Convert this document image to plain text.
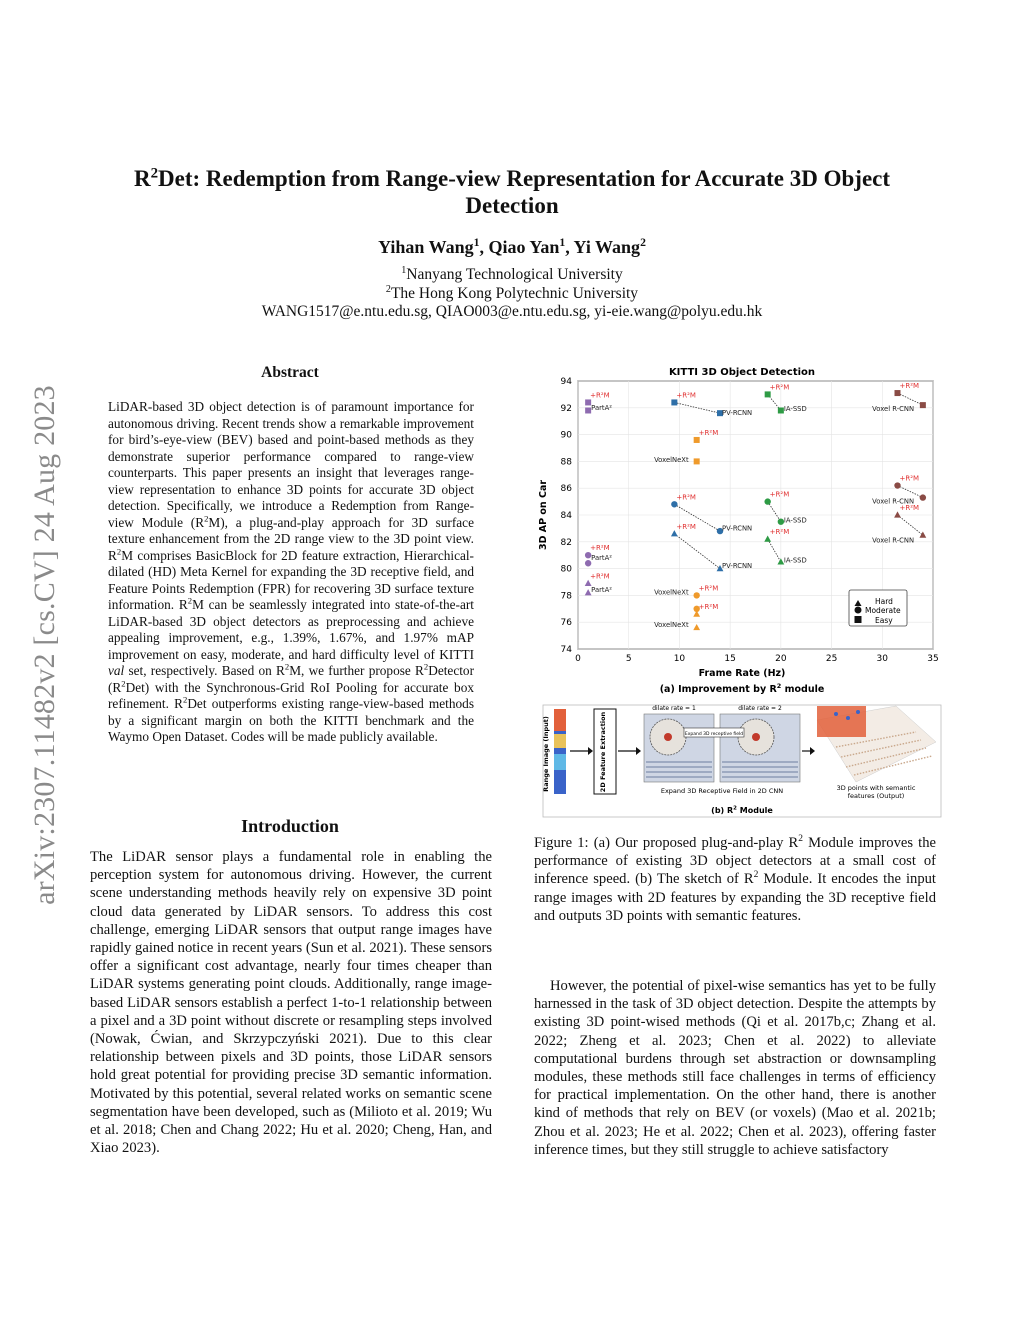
arXiv:2307.11482v2 [cs.CV] 24 Aug 2023
$R^2Det$: Redemption from Range-view Representation for Accurate 3D Object
Detection
Yihan Wang$^1$, Qiao Yan$^1$, Yi Wang$^2$
$^1$Nanyang Technological University
$^2$The Hong Kong Polytechnic University
WANG1517@e.ntu.edu.sg, QIAO003@e.ntu.edu.sg, yi-eie.wang@polyu.edu.hk
Abstract
LiDAR-based 3D object detection is of paramount importance for autonomous driving. Recent trends show a remarkable improvement for bird’s-eye-view (BEV) based and point-based methods as they demonstrate superior performance compared to range-view counterparts. This paper presents an insight that leverages range-view representation to enhance 3D points for accurate 3D object detection. Specifically, we introduce a Redemption from Range-view Module $(R^2M)$, a plug-and-play approach for 3D surface texture enhancement from the 2D range view to the 3D point view. $R^2M$ comprises BasicBlock for 2D feature extraction, Hierarchical-dilated (HD) Meta Kernel for expanding the 3D receptive field, and Feature Points Redemption (FPR) for recovering 3D surface texture information. $R^2M$ can be seamlessly integrated into state-of-the-art LiDAR-based 3D object detectors as preprocessing and achieve appealing improvement, e.g., 1.39%, 1.67%, and 1.97% mAP improvement on easy, moderate, and hard difficulty level of KITTI val set, respectively. Based on $R^2M$, we further propose $R^2Detector$ $(R^2Det)$ with the Synchronous-Grid RoI Pooling for accurate box refinement. $R^2Det$ outperforms existing range-view-based methods by a significant margin on both the KITTI benchmark and the Waymo Open Dataset. Codes will be made publicly available.
Introduction
The LiDAR sensor plays a fundamental role in enabling the perception system for autonomous driving. However, the current scene understanding methods heavily rely on expensive 3D point cloud data generated by LiDAR sensors. To address this cost challenge, emerging LiDAR sensors that output range images have rapidly gained notice in recent years (Sun et al. 2021). These sensors offer a significant cost advantage, nearly four times cheaper than LiDAR systems generating point clouds. Additionally, range image-based LiDAR sensors establish a perfect 1-to-1 relationship between a pixel and a 3D point without discrete or resampling steps involved (Nowak, Ćwian, and Skrzypczyński 2021). Due to this clear relationship between pixels and 3D points, those LiDAR sensors hold great potential for providing precise 3D semantic information. Motivated by this potential, several related works on semantic scene segmentation have been developed, such as (Milioto et al. 2019; Wu et al. 2018; Chen and Chang 2022; Hu et al. 2020; Cheng, Han, and Xiao 2023).
0	5	10	15	20	25	30	35
74
76
78
80
82
84
86
88
90
92
94
+R²M
+R²M
+R²M
+R²M
+R²M
+R²M
+R²M
+R²M
+R²M
+R²M
+R²M
+R²M
+R²M
+R²M
+R²M
PartA²
PV-RCNN
IA-SSD	Voxel R-CNN
VoxelNeXt
Voxel R-CNN
PV-RCNN
IA-SSD
Voxel R-CNN
PartA²
PV-RCNN
IA-SSD
PartA²	VoxelNeXt
VoxelNeXt
KITTI 3D Object Detection
Frame Rate (Hz)
3D AP on Car
(a) Improvement by $R^2$ module
Hard
Moderate
Easy
Range Image (Input)	2D Feature Extraction
dilate rate = 1	dilate rate = 2
Expand 3D receptive field
Expand 3D Receptive Field in 2D CNN	3D points with semantic
features (Output)
(b) $R^2$ Module
Figure 1: (a) Our proposed plug-and-play $R^2$ Module improves the performance of existing 3D object detectors at a small cost of inference speed. (b) The sketch of $R^2$ Module. It encodes the input range images with 2D features by expanding the 3D receptive field and outputs 3D points with semantic features.
However, the potential of pixel-wise semantics has yet to be fully harnessed in the task of 3D object detection. Despite the attempts by existing 3D point-wised methods (Qi et al. 2017b,c; Zhang et al. 2022; Zheng et al. 2023; Chen et al. 2022) to alleviate computational burdens through set abstraction or downsampling modules, these methods still face challenges in terms of efficiency for practical implementation. On the other hand, there is another kind of methods that rely on BEV (or voxels) (Mao et al. 2021b; Zhou et al. 2023; He et al. 2022; Chen et al. 2023), offering faster inference times, but they still struggle to achieve satisfactory
